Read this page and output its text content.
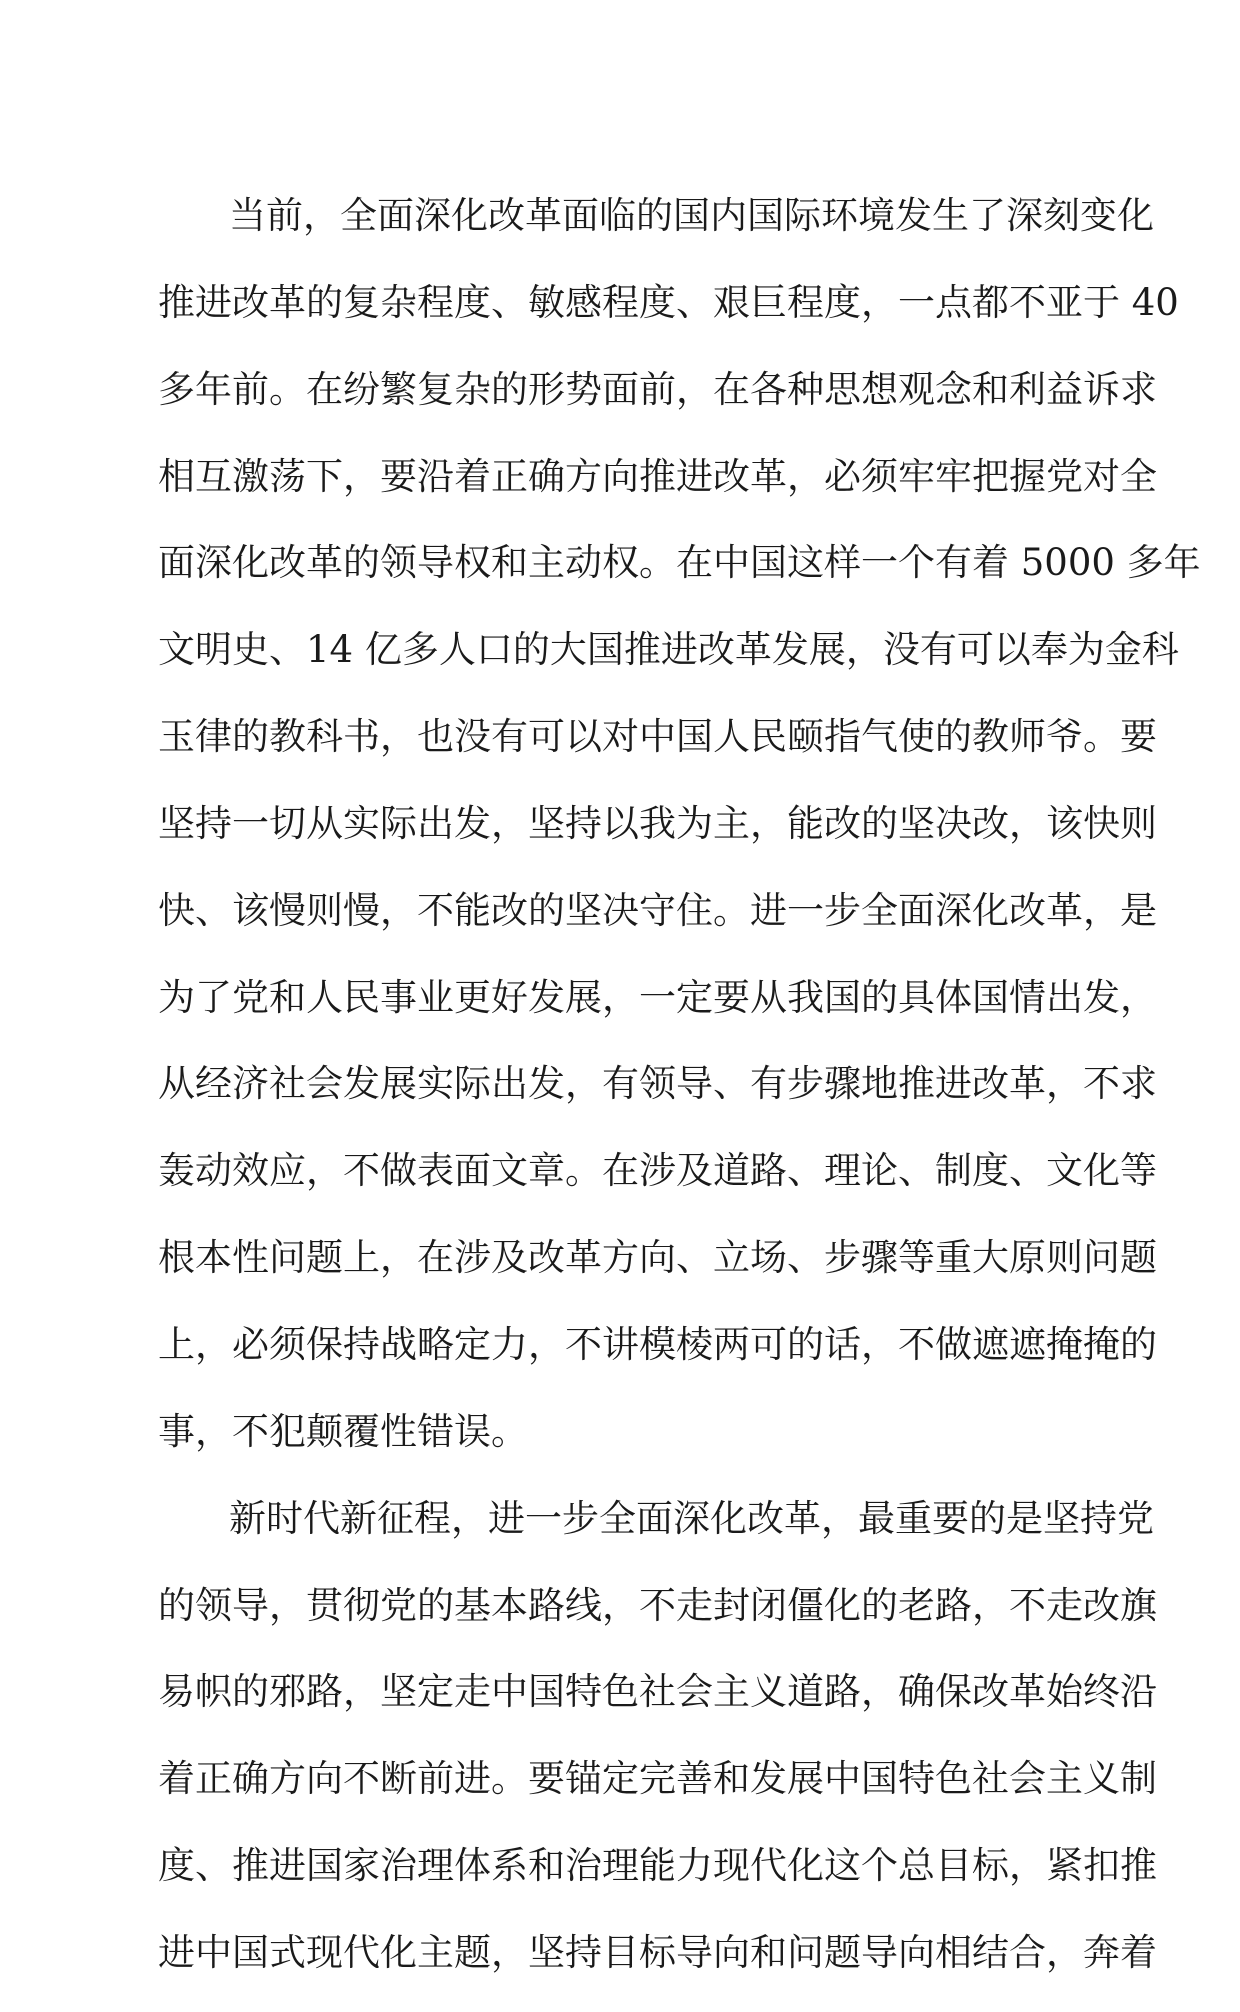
当前，全面深化改革面临的国内国际环境发生了深刻变化
推进改革的复杂程度、敏感程度、艰巨程度，一点都不亚于 40
多年前。在纷繁复杂的形势面前，在各种思想观念和利益诉求
相互激荡下，要沿着正确方向推进改革，必须牢牢把握党对全
面深化改革的领导权和主动权。在中国这样一个有着 5000 多年
文明史、14 亿多人口的大国推进改革发展，没有可以奉为金科
玉律的教科书，也没有可以对中国人民颐指气使的教师爷。要
坚持一切从实际出发，坚持以我为主，能改的坚决改，该快则
快、该慢则慢，不能改的坚决守住。进一步全面深化改革，是
为了党和人民事业更好发展，一定要从我国的具体国情出发，
从经济社会发展实际出发，有领导、有步骤地推进改革，不求
轰动效应，不做表面文章。在涉及道路、理论、制度、文化等
根本性问题上，在涉及改革方向、立场、步骤等重大原则问题
上，必须保持战略定力，不讲模棱两可的话，不做遮遮掩掩的
事，不犯颠覆性错误。
新时代新征程，进一步全面深化改革，最重要的是坚持党
的领导，贯彻党的基本路线，不走封闭僵化的老路，不走改旗
易帜的邪路，坚定走中国特色社会主义道路，确保改革始终沿
着正确方向不断前进。要锚定完善和发展中国特色社会主义制
度、推进国家治理体系和治理能力现代化这个总目标，紧扣推
进中国式现代化主题，坚持目标导向和问题导向相结合，奔着
